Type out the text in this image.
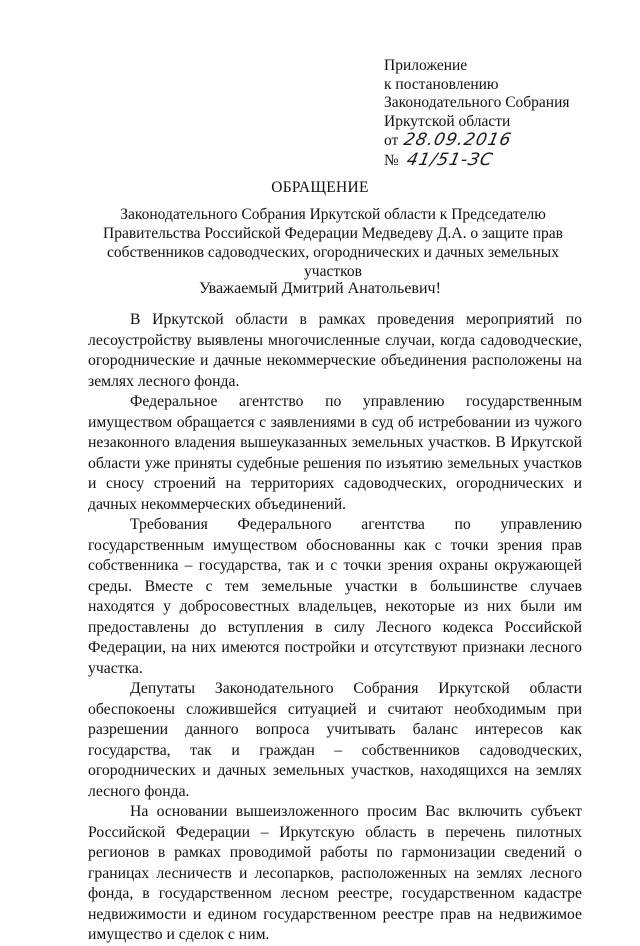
Приложение
к постановлению
Законодательного Собрания
Иркутской области
от 28.09.2016
№ 41/51-ЗС
ОБРАЩЕНИЕ
Законодательного Собрания Иркутской области к Председателю Правительства Российской Федерации Медведеву Д.А. о защите прав собственников садоводческих, огороднических и дачных земельных участков
Уважаемый Дмитрий Анатольевич!

В Иркутской области в рамках проведения мероприятий по лесоустройству выявлены многочисленные случаи, когда садоводческие, огороднические и дачные некоммерческие объединения расположены на землях лесного фонда.

Федеральное агентство по управлению государственным имуществом обращается с заявлениями в суд об истребовании из чужого незаконного владения вышеуказанных земельных участков. В Иркутской области уже приняты судебные решения по изъятию земельных участков и сносу строений на территориях садоводческих, огороднических и дачных некоммерческих объединений.

Требования Федерального агентства по управлению государственным имуществом обоснованны как с точки зрения прав собственника – государства, так и с точки зрения охраны окружающей среды. Вместе с тем земельные участки в большинстве случаев находятся у добросовестных владельцев, некоторые из них были им предоставлены до вступления в силу Лесного кодекса Российской Федерации, на них имеются постройки и отсутствуют признаки лесного участка.

Депутаты Законодательного Собрания Иркутской области обеспокоены сложившейся ситуацией и считают необходимым при разрешении данного вопроса учитывать баланс интересов как государства, так и граждан – собственников садоводческих, огороднических и дачных земельных участков, находящихся на землях лесного фонда.

На основании вышеизложенного просим Вас включить субъект Российской Федерации – Иркутскую область в перечень пилотных регионов в рамках проводимой работы по гармонизации сведений о границах лесничеств и лесопарков, расположенных на землях лесного фонда, в государственном лесном реестре, государственном кадастре недвижимости и едином государственном реестре прав на недвижимое имущество и сделок с ним.
